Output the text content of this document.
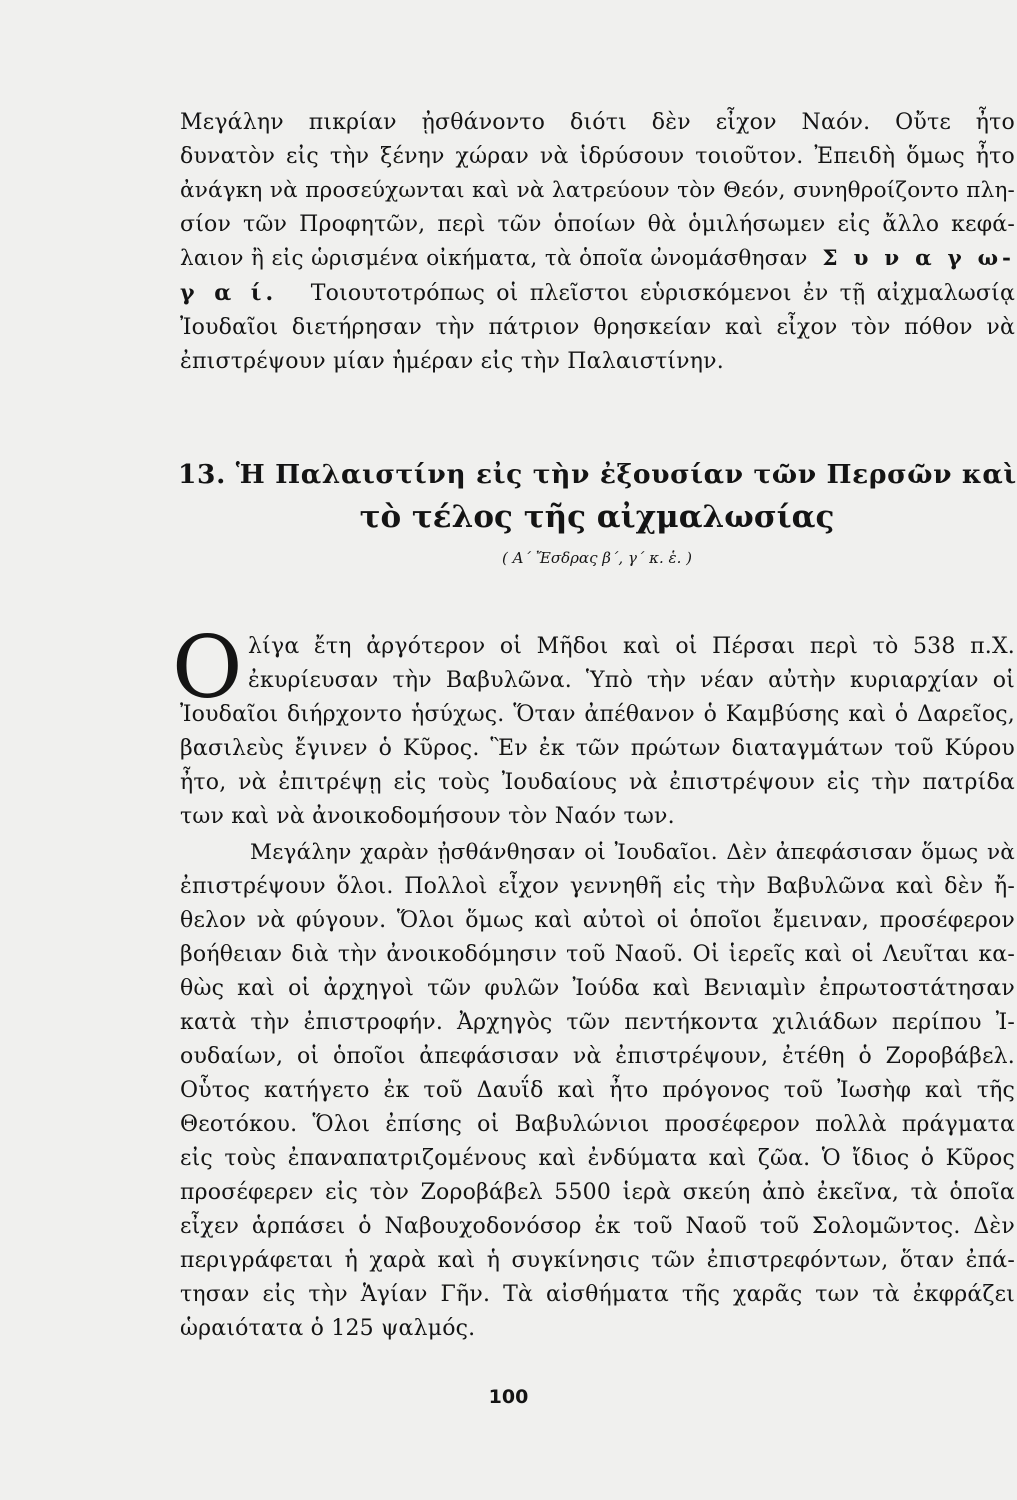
Μεγάλην πικρίαν ᾐσθάνοντο διότι δὲν εἶχον Ναόν. Οὔτε ἦτο
δυνατὸν εἰς τὴν ξένην χώραν νὰ ἱδρύσουν τοιοῦτον. Ἐπειδὴ ὅμως ἦτο
ἀνάγκη νὰ προσεύχωνται καὶ νὰ λατρεύουν τὸν Θεόν, συνηθροίζοντο πλη-
σίον τῶν Προφητῶν, περὶ τῶν ὁποίων θὰ ὁμιλήσωμεν εἰς ἄλλο κεφά-
λαιον ἢ εἰς ὡρισμένα οἰκήματα, τὰ ὁποῖα ὠνομάσθησαν Σ υ ν α γ ω-
γ α ί. Τοιουτοτρόπως οἱ πλεῖστοι εὑρισκόμενοι ἐν τῇ αἰχμαλωσίᾳ
Ἰουδαῖοι διετήρησαν τὴν πάτριον θρησκείαν καὶ εἶχον τὸν πόθον νὰ
ἐπιστρέψουν μίαν ἡμέραν εἰς τὴν Παλαιστίνην.
13. Ἡ Παλαιστίνη εἰς τὴν ἐξουσίαν τῶν Περσῶν καὶ
τὸ τέλος τῆς αἰχμαλωσίας
( Α΄ Ἔσδρας β΄, γ΄ κ. ἑ. )
Ο λίγα ἔτη ἀργότερον οἱ Μῆδοι καὶ οἱ Πέρσαι περὶ τὸ 538 π.Χ.
ἐκυρίευσαν τὴν Βαβυλῶνα. Ὑπὸ τὴν νέαν αὐτὴν κυριαρχίαν οἱ
Ἰουδαῖοι διήρχοντο ἡσύχως. Ὅταν ἀπέθανον ὁ Καμβύσης καὶ ὁ Δαρεῖος,
βασιλεὺς ἔγινεν ὁ Κῦρος. Ἓν ἐκ τῶν πρώτων διαταγμάτων τοῦ Κύρου
ἦτο, νὰ ἐπιτρέψῃ εἰς τοὺς Ἰουδαίους νὰ ἐπιστρέψουν εἰς τὴν πατρίδα
των καὶ νὰ ἀνοικοδομήσουν τὸν Ναόν των.
Μεγάλην χαρὰν ᾐσθάνθησαν οἱ Ἰουδαῖοι. Δὲν ἀπεφάσισαν ὅμως νὰ
ἐπιστρέψουν ὅλοι. Πολλοὶ εἶχον γεννηθῆ εἰς τὴν Βαβυλῶνα καὶ δὲν ἤ-
θελον νὰ φύγουν. Ὅλοι ὅμως καὶ αὐτοὶ οἱ ὁποῖοι ἔμειναν, προσέφερον
βοήθειαν διὰ τὴν ἀνοικοδόμησιν τοῦ Ναοῦ. Οἱ ἱερεῖς καὶ οἱ Λευῖται κα-
θὼς καὶ οἱ ἀρχηγοὶ τῶν φυλῶν Ἰούδα καὶ Βενιαμὶν ἐπρωτοστάτησαν
κατὰ τὴν ἐπιστροφήν. Ἀρχηγὸς τῶν πεντήκοντα χιλιάδων περίπου Ἰ-
ουδαίων, οἱ ὁποῖοι ἀπεφάσισαν νὰ ἐπιστρέψουν, ἐτέθη ὁ Ζοροβάβελ.
Οὗτος κατήγετο ἐκ τοῦ Δαυΐδ καὶ ἦτο πρόγονος τοῦ Ἰωσὴφ καὶ τῆς
Θεοτόκου. Ὅλοι ἐπίσης οἱ Βαβυλώνιοι προσέφερον πολλὰ πράγματα
εἰς τοὺς ἐπαναπατριζομένους καὶ ἐνδύματα καὶ ζῶα. Ὁ ἴδιος ὁ Κῦρος
προσέφερεν εἰς τὸν Ζοροβάβελ 5500 ἱερὰ σκεύη ἀπὸ ἐκεῖνα, τὰ ὁποῖα
εἶχεν ἁρπάσει ὁ Ναβουχοδονόσορ ἐκ τοῦ Ναοῦ τοῦ Σολομῶντος. Δὲν
περιγράφεται ἡ χαρὰ καὶ ἡ συγκίνησις τῶν ἐπιστρεφόντων, ὅταν ἐπά-
τησαν εἰς τὴν Ἁγίαν Γῆν. Τὰ αἰσθήματα τῆς χαρᾶς των τὰ ἐκφράζει
ὡραιότατα ὁ 125 ψαλμός.
100
